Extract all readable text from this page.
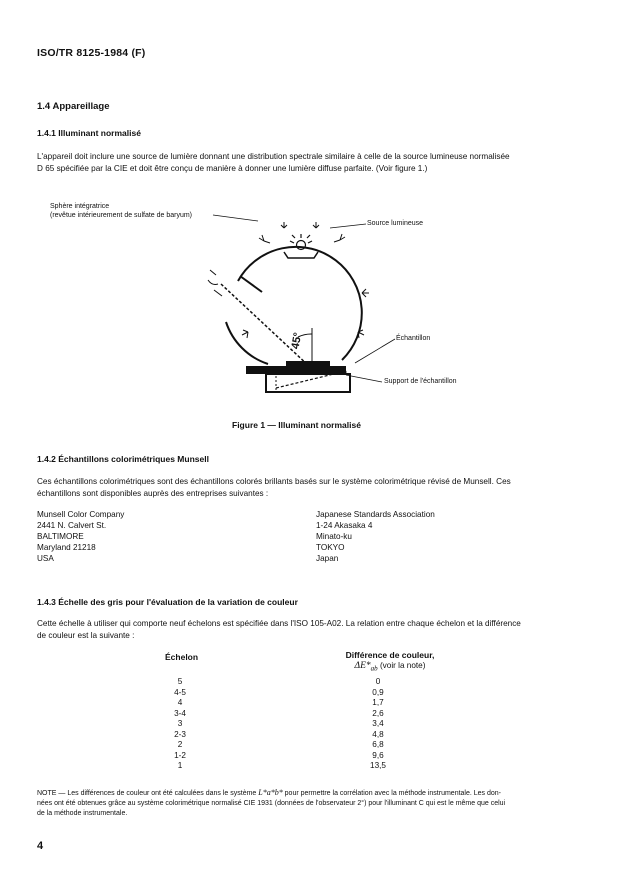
ISO/TR 8125-1984 (F)
1.4 Appareillage
1.4.1 Illuminant normalisé
L'appareil doit inclure une source de lumière donnant une distribution spectrale similaire à celle de la source lumineuse normalisée
D 65 spécifiée par la CIE et doit être conçu de manière à donner une lumière diffuse parfaite. (Voir figure 1.)
Sphère intégratrice
(revêtue intérieurement de sulfate de baryum)
Source lumineuse
Échantillon
Support de l'échantillon
45°
Figure 1 — Illuminant normalisé
1.4.2 Échantillons colorimétriques Munsell
Ces échantillons colorimétriques sont des échantillons colorés brillants basés sur le système colorimétrique révisé de Munsell. Ces
échantillons sont disponibles auprès des entreprises suivantes :
Munsell Color Company
2441 N. Calvert St.
BALTIMORE
Maryland 21218
USA
Japanese Standards Association
1-24 Akasaka 4
Minato-ku
TOKYO
Japan
1.4.3 Échelle des gris pour l'évaluation de la variation de couleur
Cette échelle à utiliser qui comporte neuf échelons est spécifiée dans l'ISO 105-A02. La relation entre chaque échelon et la différence
de couleur est la suivante :
Échelon	Différence de couleur,
$\Delta E*_{ab}$ (voir la note)
5		0
4-5		0,9
4		1,7
3-4		2,6
3		3,4
2-3		4,8
2		6,8
1-2		9,6
1		13,5
NOTE — Les différences de couleur ont été calculées dans le système L*a*b* pour permettre la corrélation avec la méthode instrumentale. Les don-
nées ont été obtenues grâce au système colorimétrique normalisé CIE 1931 (données de l'observateur 2°) pour l'illuminant C qui est le même que celui
de la méthode instrumentale.
4
